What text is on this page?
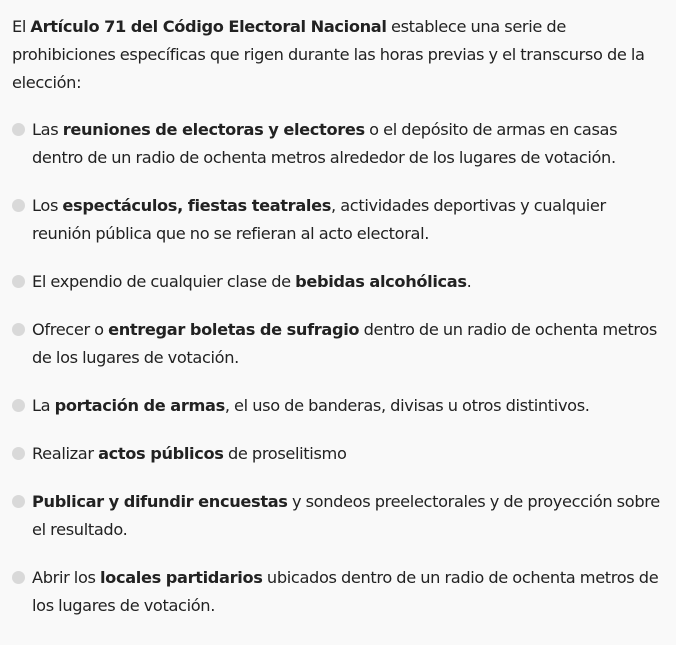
El Artículo 71 del Código Electoral Nacional establece una serie de prohibiciones específicas que rigen durante las horas previas y el transcurso de la elección:

Las reuniones de electoras y electores o el depósito de armas en casas dentro de un radio de ochenta metros alrededor de los lugares de votación.
Los espectáculos, fiestas teatrales, actividades deportivas y cualquier reunión pública que no se refieran al acto electoral.
El expendio de cualquier clase de bebidas alcohólicas.
Ofrecer o entregar boletas de sufragio dentro de un radio de ochenta metros de los lugares de votación.
La portación de armas, el uso de banderas, divisas u otros distintivos.
Realizar actos públicos de proselitismo
Publicar y difundir encuestas y sondeos preelectorales y de proyección sobre el resultado.
Abrir los locales partidarios ubicados dentro de un radio de ochenta metros de los lugares de votación.
